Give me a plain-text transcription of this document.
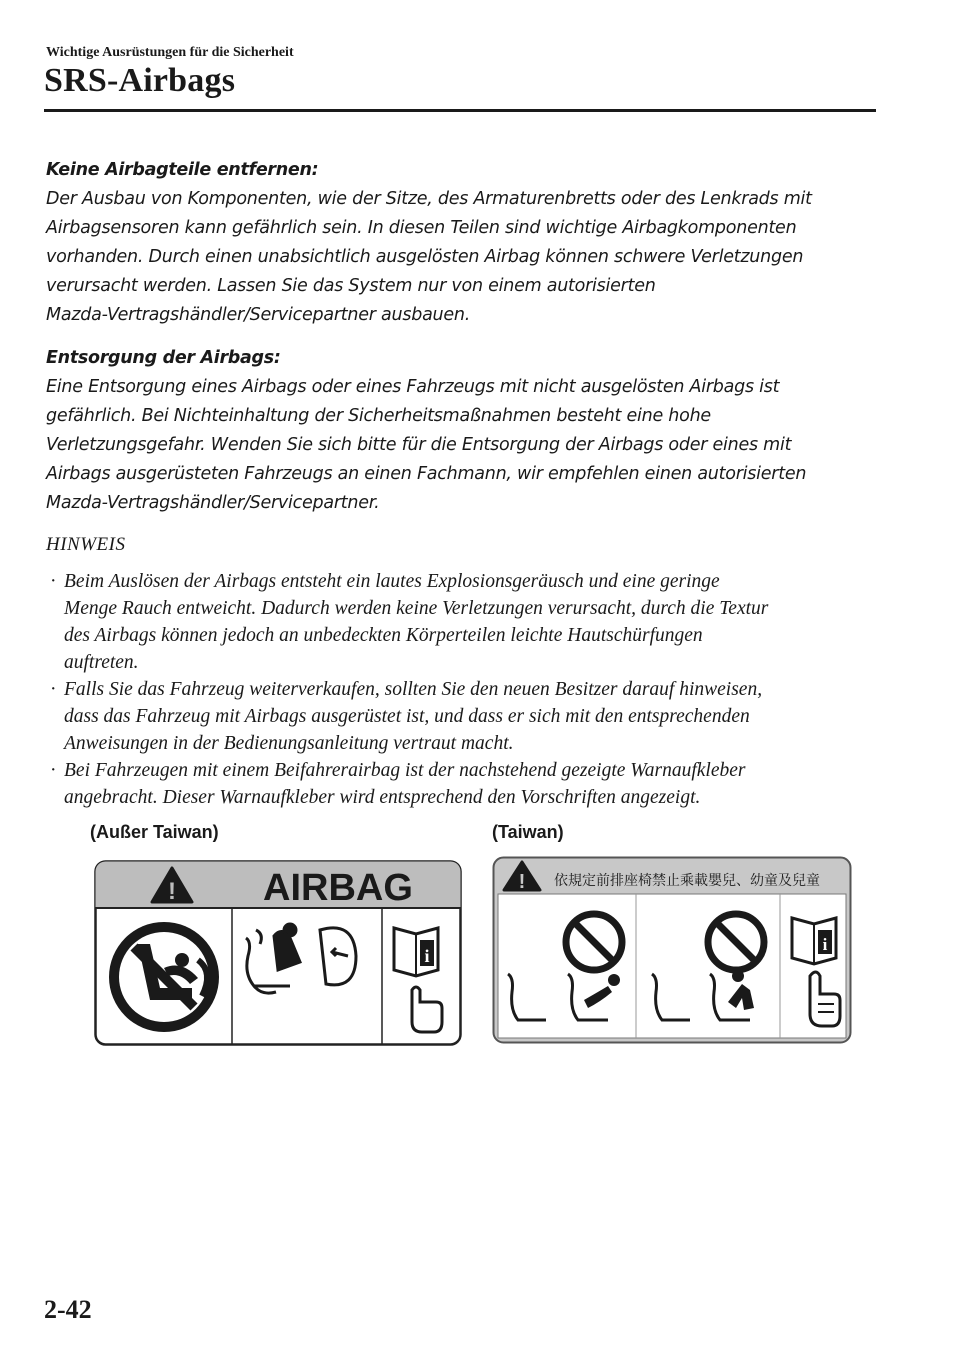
Wichtige Ausrüstungen für die Sicherheit
SRS-Airbags
Keine Airbagteile entfernen:
Der Ausbau von Komponenten, wie der Sitze, des Armaturenbretts oder des Lenkrads mit
Airbagsensoren kann gefährlich sein. In diesen Teilen sind wichtige Airbagkomponenten
vorhanden. Durch einen unabsichtlich ausgelösten Airbag können schwere Verletzungen
verursacht werden. Lassen Sie das System nur von einem autorisierten
Mazda-Vertragshändler/Servicepartner ausbauen.
Entsorgung der Airbags:
Eine Entsorgung eines Airbags oder eines Fahrzeugs mit nicht ausgelösten Airbags ist
gefährlich. Bei Nichteinhaltung der Sicherheitsmaßnahmen besteht eine hohe
Verletzungsgefahr. Wenden Sie sich bitte für die Entsorgung der Airbags oder eines mit
Airbags ausgerüsteten Fahrzeugs an einen Fachmann, wir empfehlen einen autorisierten
Mazda-Vertragshändler/Servicepartner.
HINWEIS
· Beim Auslösen der Airbags entsteht ein lautes Explosionsgeräusch und eine geringe
Menge Rauch entweicht. Dadurch werden keine Verletzungen verursacht, durch die Textur
des Airbags können jedoch an unbedeckten Körperteilen leichte Hautschürfungen
auftreten.
· Falls Sie das Fahrzeug weiterverkaufen, sollten Sie den neuen Besitzer darauf hinweisen,
dass das Fahrzeug mit Airbags ausgerüstet ist, und dass er sich mit den entsprechenden
Anweisungen in der Bedienungsanleitung vertraut macht.
· Bei Fahrzeugen mit einem Beifahrerairbag ist der nachstehend gezeigte Warnaufkleber
angebracht. Dieser Warnaufkleber wird entsprechend den Vorschriften angezeigt.
(Außer Taiwan)	(Taiwan)
! AIRBAG
i
! 依規定前排座椅禁止乘載嬰兒、幼童及兒童
i
2-42
